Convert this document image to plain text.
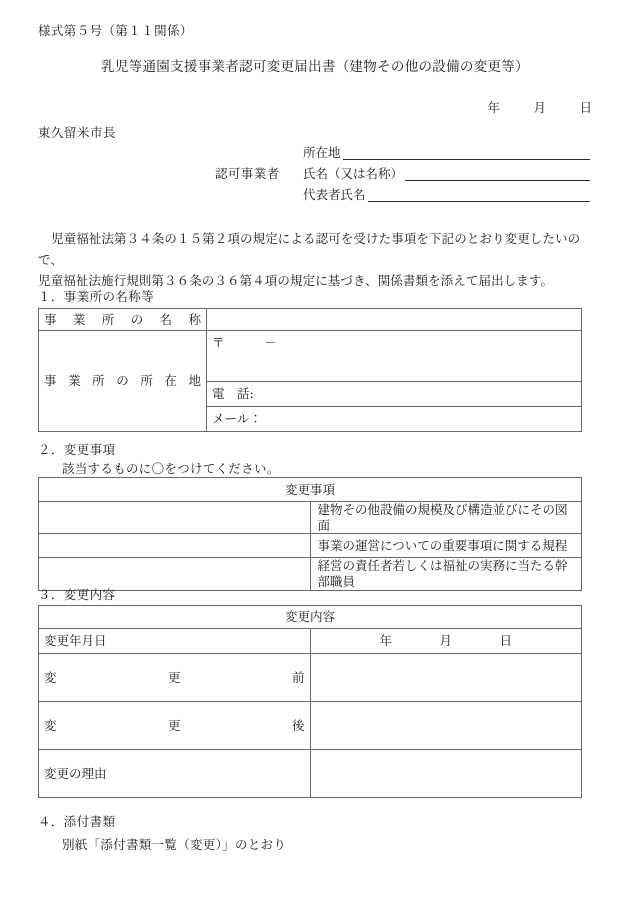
様式第５号（第１１関係）
乳児等通園支援事業者認可変更届出書（建物その他の設備の変更等）
年	月	日
東久留米市長

所在地
認可事業者	氏名（又は名称）

代表者氏名
児童福祉法第３４条の１５第２項の規定による認可を受けた事項を下記のとおり変更したいので、
児童福祉法施行規則第３６条の３６第４項の規定に基づき、関係書類を添えて届出します。
１．事業所の名称等
事業所の名称	

事業所の所在地	〒　　　－
	電　話:
	メール：
２．変更事項
該当するものに〇をつけてください。
変更事項	
	建物その他設備の規模及び構造並びにその図面
	事業の運営についての重要事項に関する規程
	経営の責任者若しくは福祉の実務に当たる幹部職員
３．変更内容
変更内容	
変更年月日	年 月 日

変更前	

変更後	

変更の理由	
４．添付書類
別紙「添付書類一覧（変更）」のとおり
